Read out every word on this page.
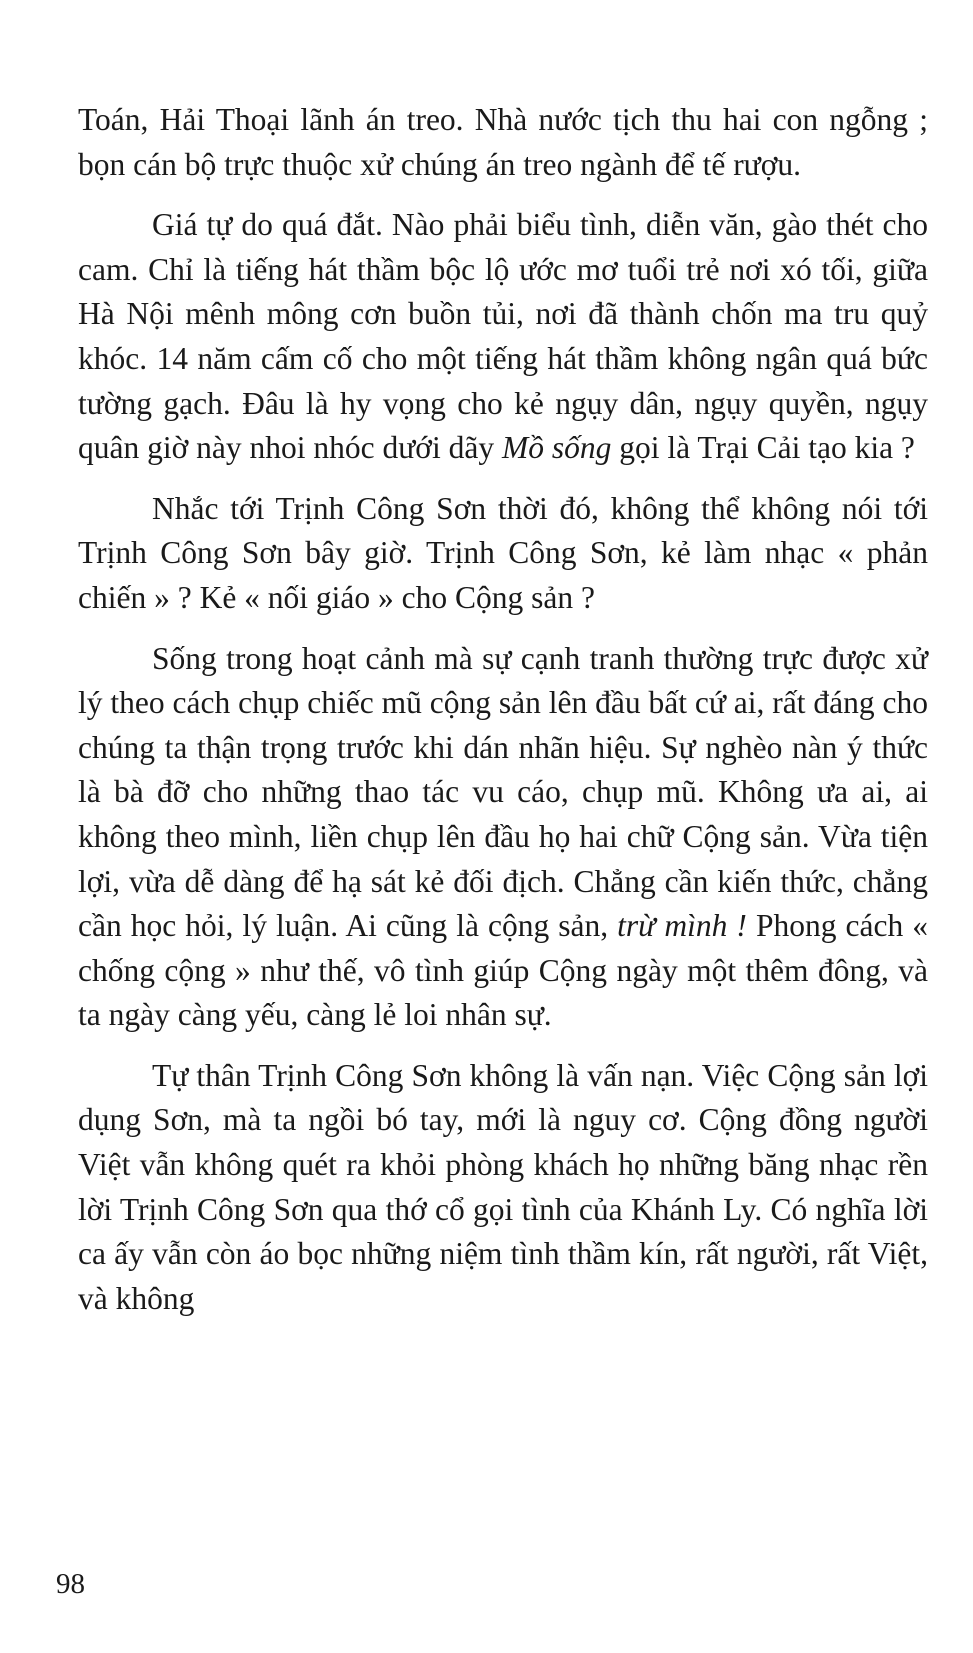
Toán, Hải Thoại lãnh án treo. Nhà nước tịch thu hai con ngỗng ; bọn cán bộ trực thuộc xử chúng án treo ngành để tế rượu.

Giá tự do quá đắt. Nào phải biểu tình, diễn văn, gào thét cho cam. Chỉ là tiếng hát thầm bộc lộ ước mơ tuổi trẻ nơi xó tối, giữa Hà Nội mênh mông cơn buồn tủi, nơi đã thành chốn ma tru quỷ khóc. 14 năm cấm cố cho một tiếng hát thầm không ngân quá bức tường gạch. Đâu là hy vọng cho kẻ ngụy dân, ngụy quyền, ngụy quân giờ này nhoi nhóc dưới dãy Mồ sống gọi là Trại Cải tạo kia ?

Nhắc tới Trịnh Công Sơn thời đó, không thể không nói tới Trịnh Công Sơn bây giờ. Trịnh Công Sơn, kẻ làm nhạc « phản chiến » ? Kẻ « nối giáo » cho Cộng sản ?

Sống trong hoạt cảnh mà sự cạnh tranh thường trực được xử lý theo cách chụp chiếc mũ cộng sản lên đầu bất cứ ai, rất đáng cho chúng ta thận trọng trước khi dán nhãn hiệu. Sự nghèo nàn ý thức là bà đỡ cho những thao tác vu cáo, chụp mũ. Không ưa ai, ai không theo mình, liền chụp lên đầu họ hai chữ Cộng sản. Vừa tiện lợi, vừa dễ dàng để hạ sát kẻ đối địch. Chẳng cần kiến thức, chẳng cần học hỏi, lý luận. Ai cũng là cộng sản, trừ mình ! Phong cách « chống cộng » như thế, vô tình giúp Cộng ngày một thêm đông, và ta ngày càng yếu, càng lẻ loi nhân sự.

Tự thân Trịnh Công Sơn không là vấn nạn. Việc Cộng sản lợi dụng Sơn, mà ta ngồi bó tay, mới là nguy cơ. Cộng đồng người Việt vẫn không quét ra khỏi phòng khách họ những băng nhạc rền lời Trịnh Công Sơn qua thớ cổ gọi tình của Khánh Ly. Có nghĩa lời ca ấy vẫn còn áo bọc những niệm tình thầm kín, rất người, rất Việt, và không

98
